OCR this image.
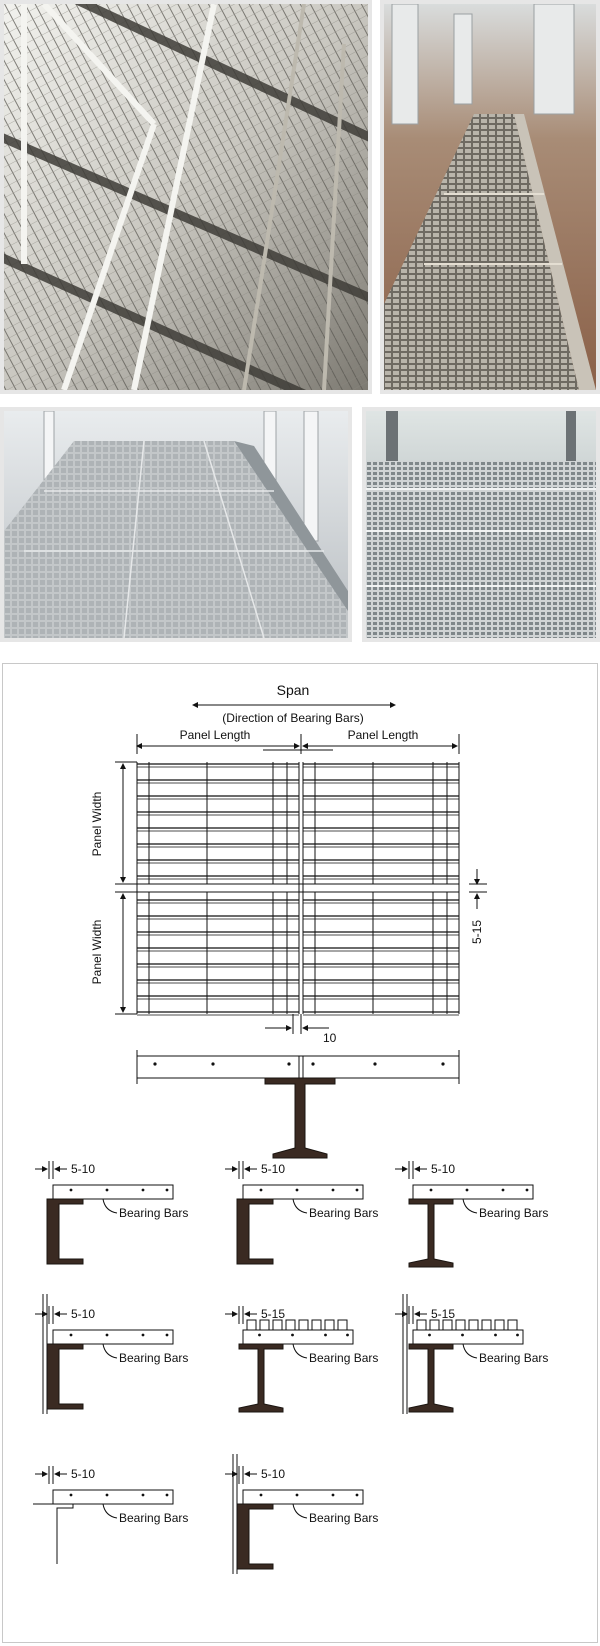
Span
(Direction of Bearing Bars)
Panel Length	Panel Length
Panel Width
Panel Width	5-15
10
5-10
Bearing Bars
5-10
Bearing Bars
5-10
Bearing Bars
5-10
Bearing Bars
5-15
Bearing Bars
5-15
Bearing Bars
5-10
Bearing Bars
5-10
Bearing Bars
